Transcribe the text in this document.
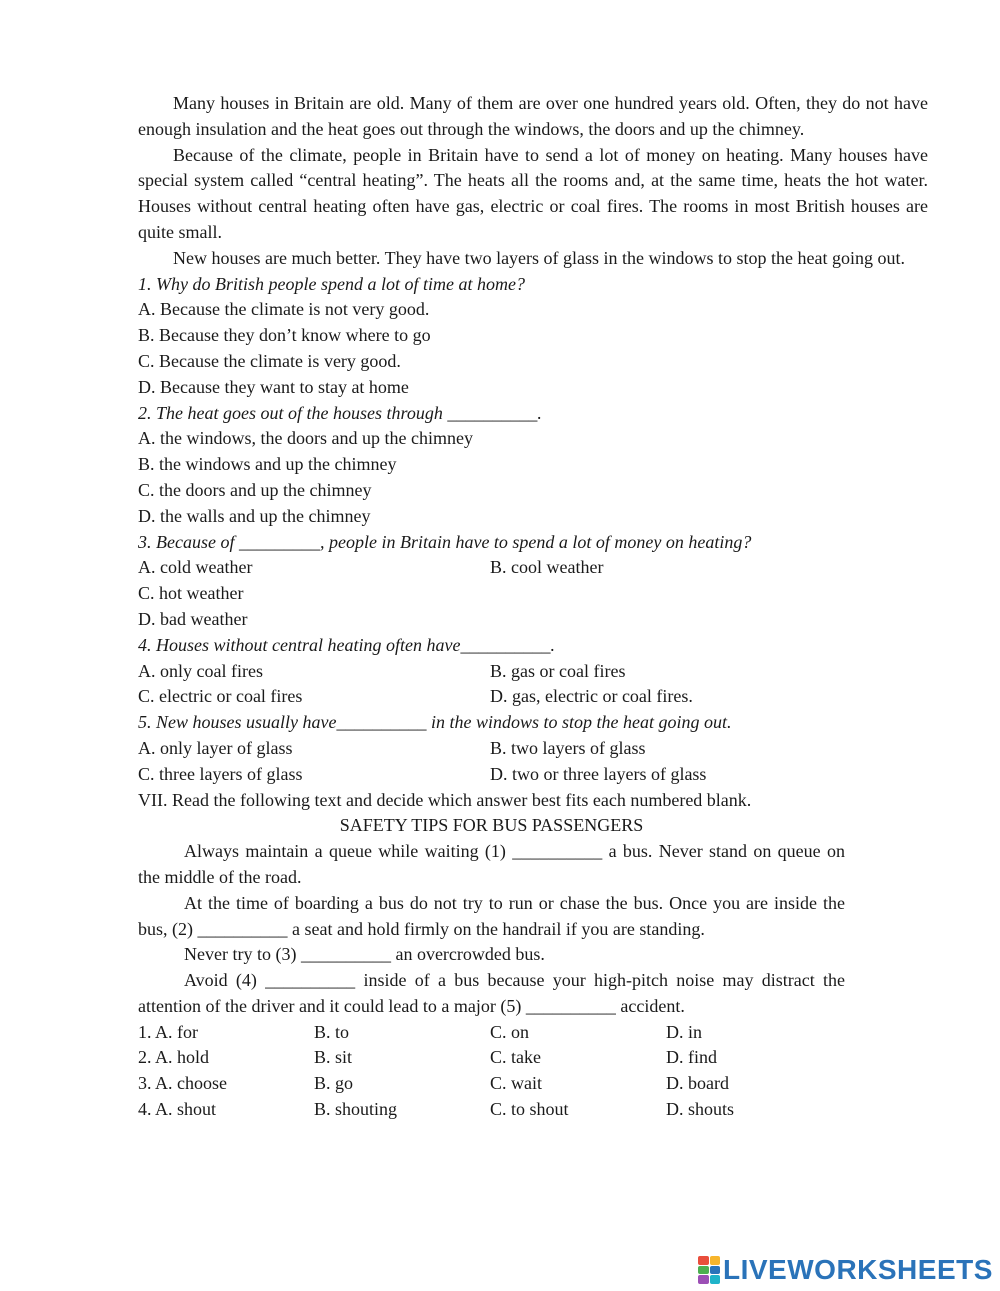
Many houses in Britain are old. Many of them are over one hundred years old. Often, they do not have enough insulation and the heat goes out through the windows, the doors and up the chimney.

Because of the climate, people in Britain have to send a lot of money on heating. Many houses have special system called “central heating”. The heats all the rooms and, at the same time, heats the hot water. Houses without central heating often have gas, electric or coal fires. The rooms in most British houses are quite small.

New houses are much better. They have two layers of glass in the windows to stop the heat going out.

1. Why do British people spend a lot of time at home?

A. Because the climate is not very good.

B. Because they don’t know where to go

C. Because the climate is very good.

D. Because they want to stay at home

2. The heat goes out of the houses through __________.

A. the windows, the doors and up the chimney

B. the windows and up the chimney

C. the doors and up the chimney

D. the walls and up the chimney

3. Because of _________, people in Britain have to spend a lot of money on heating?

A. cold weather	B. cool weather

C. hot weather

D. bad weather

4. Houses without central heating often have__________.

A. only coal fires	B. gas or coal fires
C. electric or coal fires	D. gas, electric or coal fires.

5. New houses usually have__________ in the windows to stop the heat going out.

A. only layer of glass	B. two layers of glass
C. three layers of glass	D. two or three layers of glass

VII. Read the following text and decide which answer best fits each numbered blank.

SAFETY TIPS FOR BUS PASSENGERS

Always maintain a queue while waiting (1) __________ a bus. Never stand on queue on the middle of the road.

At the time of boarding a bus do not try to run or chase the bus. Once you are inside the bus, (2) __________ a seat and hold firmly on the handrail if you are standing.

Never try to (3) __________ an overcrowded bus.

Avoid (4) __________ inside of a bus because your high-pitch noise may distract the attention of the driver and it could lead to a major (5) __________ accident.

1. A. for	B. to	C. on	D. in
2. A. hold	B. sit	C. take	D. find
3. A. choose	B. go	C. wait	D. board
4. A. shout	B. shouting	C. to shout	D. shouts
LIVEWORKSHEETS
